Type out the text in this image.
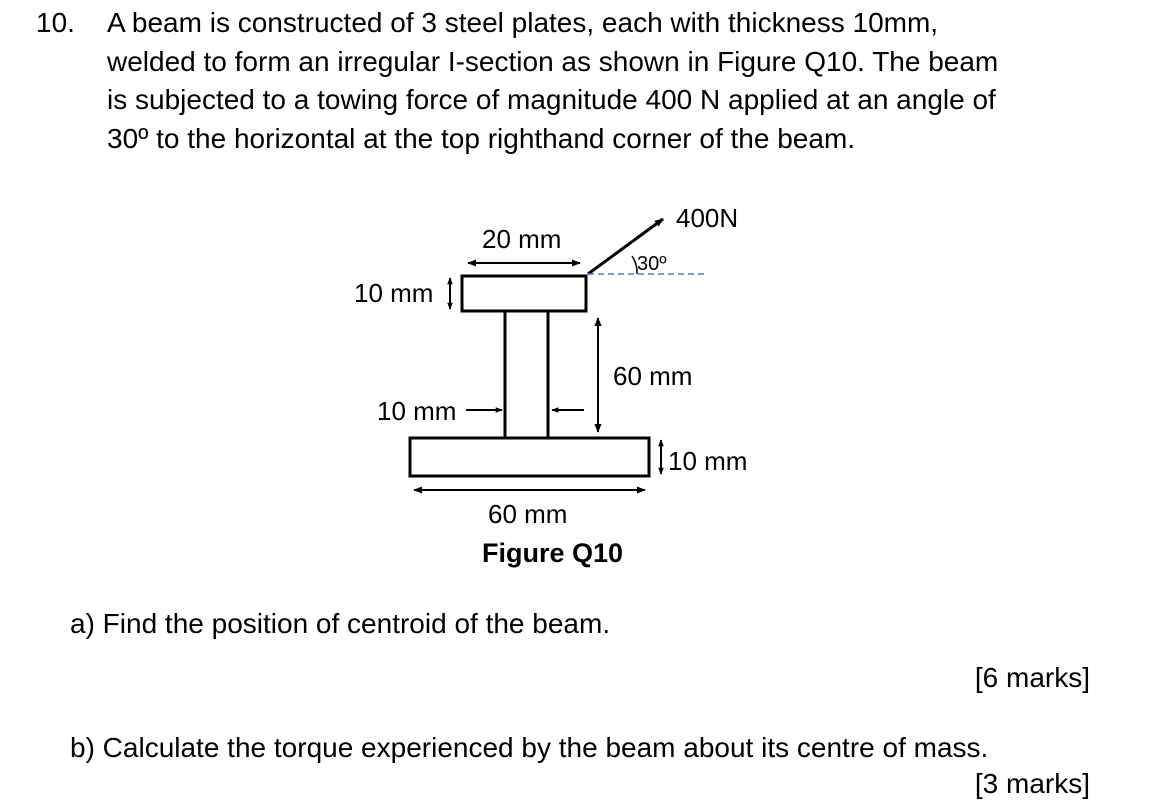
10. A beam is constructed of 3 steel plates, each with thickness 10mm,
welded to form an irregular I-section as shown in Figure Q10. The beam
is subjected to a towing force of magnitude 400 N applied at an angle of
30º to the horizontal at the top righthand corner of the beam.
400N
30º
20 mm
10 mm
60 mm
10 mm
10 mm
60 mm
Figure Q10
a) Find the position of centroid of the beam.
[6 marks]
b) Calculate the torque experienced by the beam about its centre of mass.
[3 marks]
